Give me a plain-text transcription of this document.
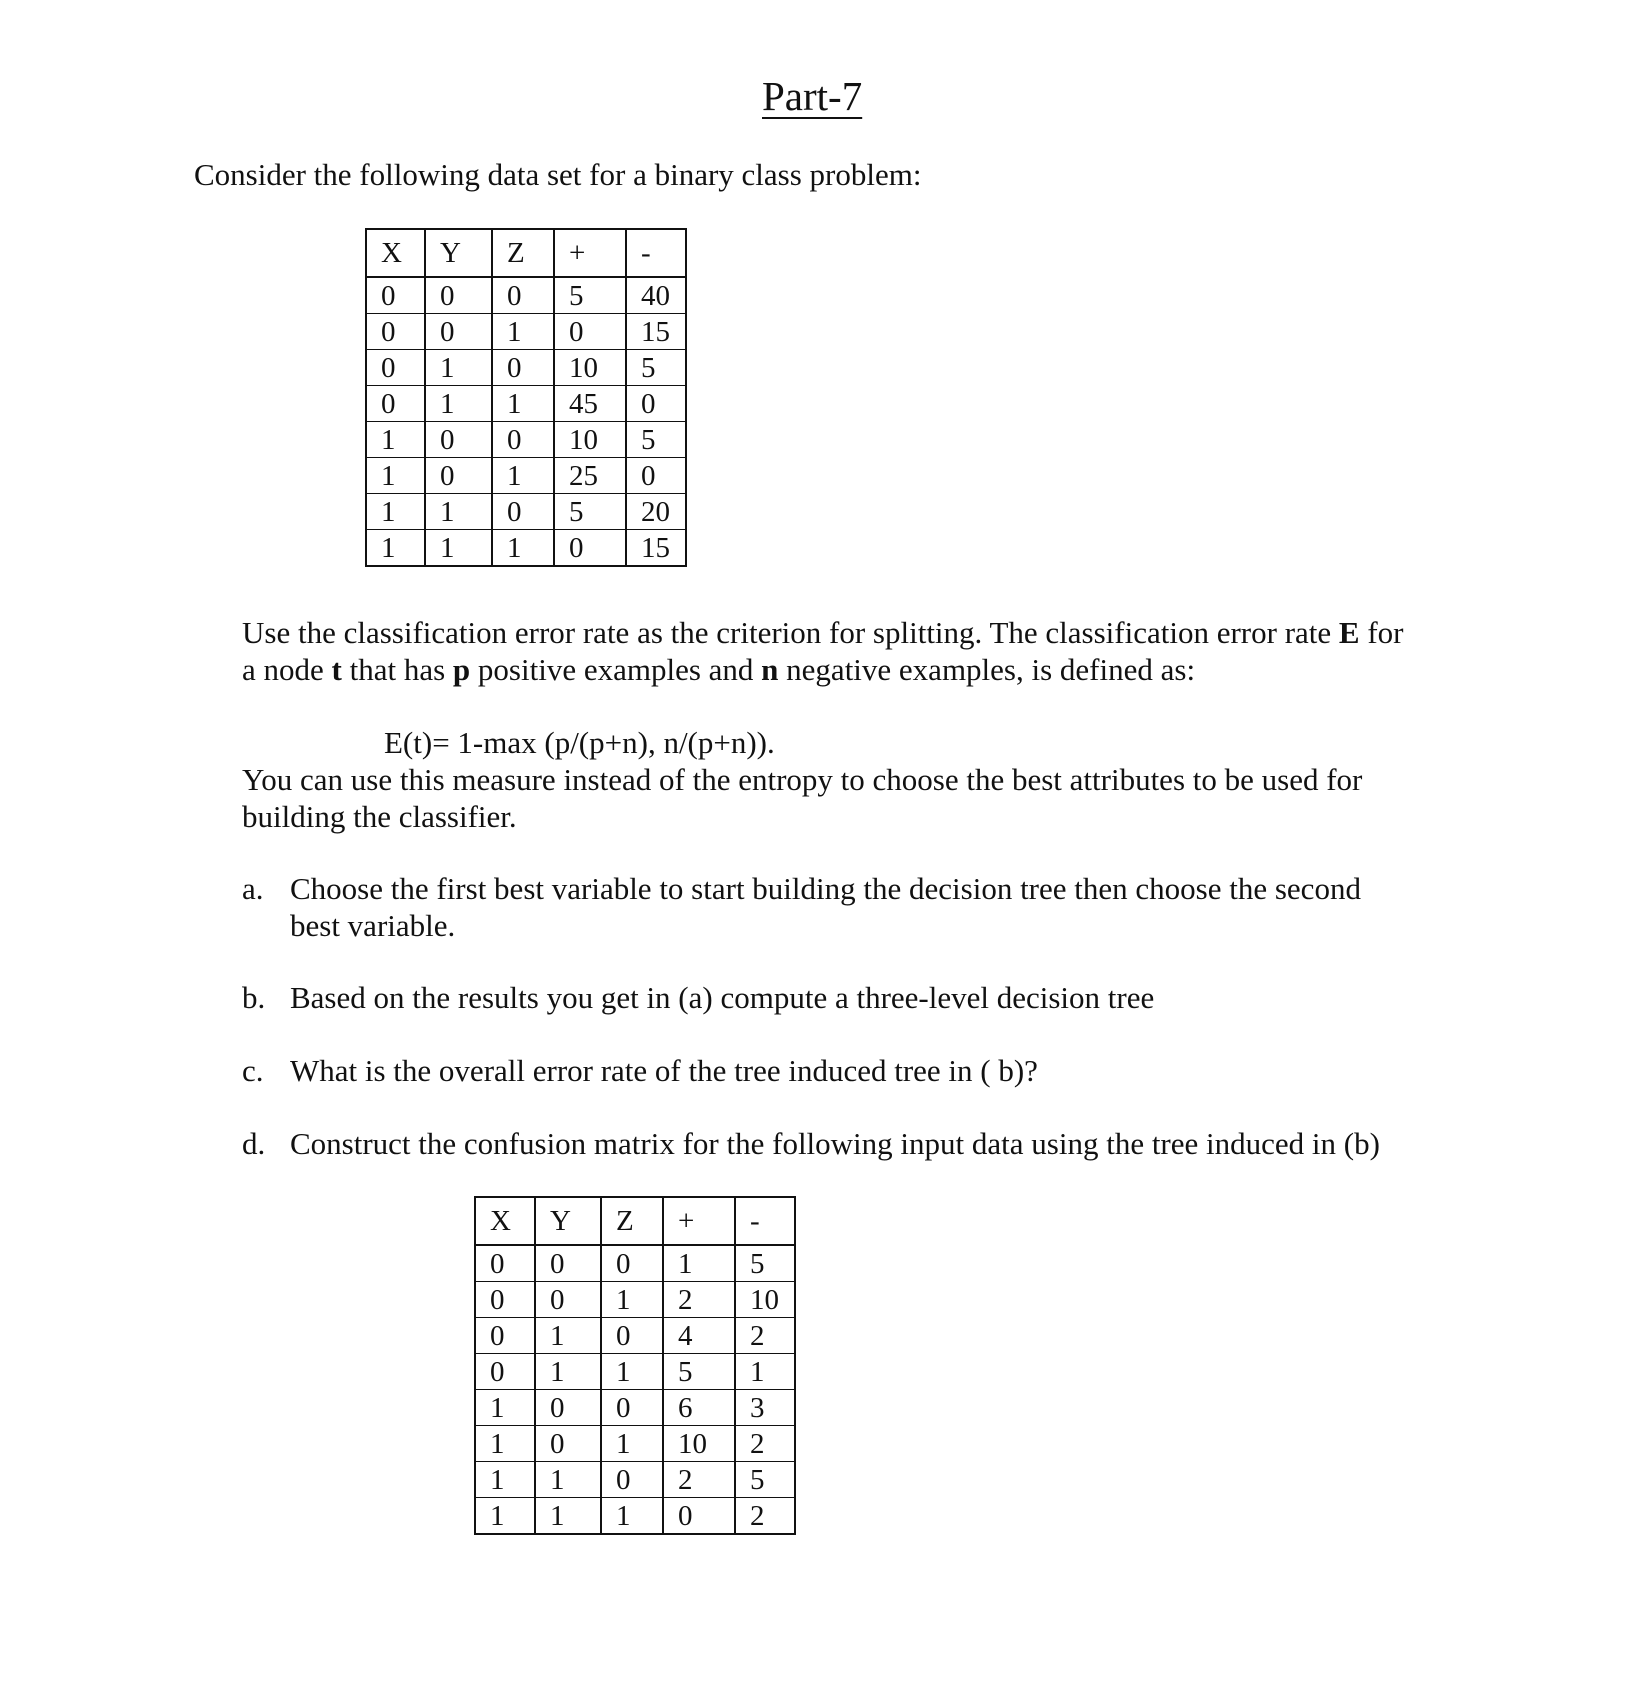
Part-7
Consider the following data set for a binary class problem:
X	Y	Z	+	-
0	0	0	5	40
0	0	1	0	15
0	1	0	10	5
0	1	1	45	0
1	0	0	10	5
1	0	1	25	0
1	1	0	5	20
1	1	1	0	15
Use the classification error rate as the criterion for splitting. The classification error rate E for
a node t that has p positive examples and n negative examples, is defined as:
E(t)= 1-max (p/(p+n), n/(p+n)).
You can use this measure instead of the entropy to choose the best attributes to be used for
building the classifier.
a. Choose the first best variable to start building the decision tree then choose the second
best variable.
b. Based on the results you get in (a) compute a three-level decision tree
c. What is the overall error rate of the tree induced tree in ( b)?
d. Construct the confusion matrix for the following input data using the tree induced in (b)
X	Y	Z	+	-
0	0	0	1	5
0	0	1	2	10
0	1	0	4	2
0	1	1	5	1
1	0	0	6	3
1	0	1	10	2
1	1	0	2	5
1	1	1	0	2
